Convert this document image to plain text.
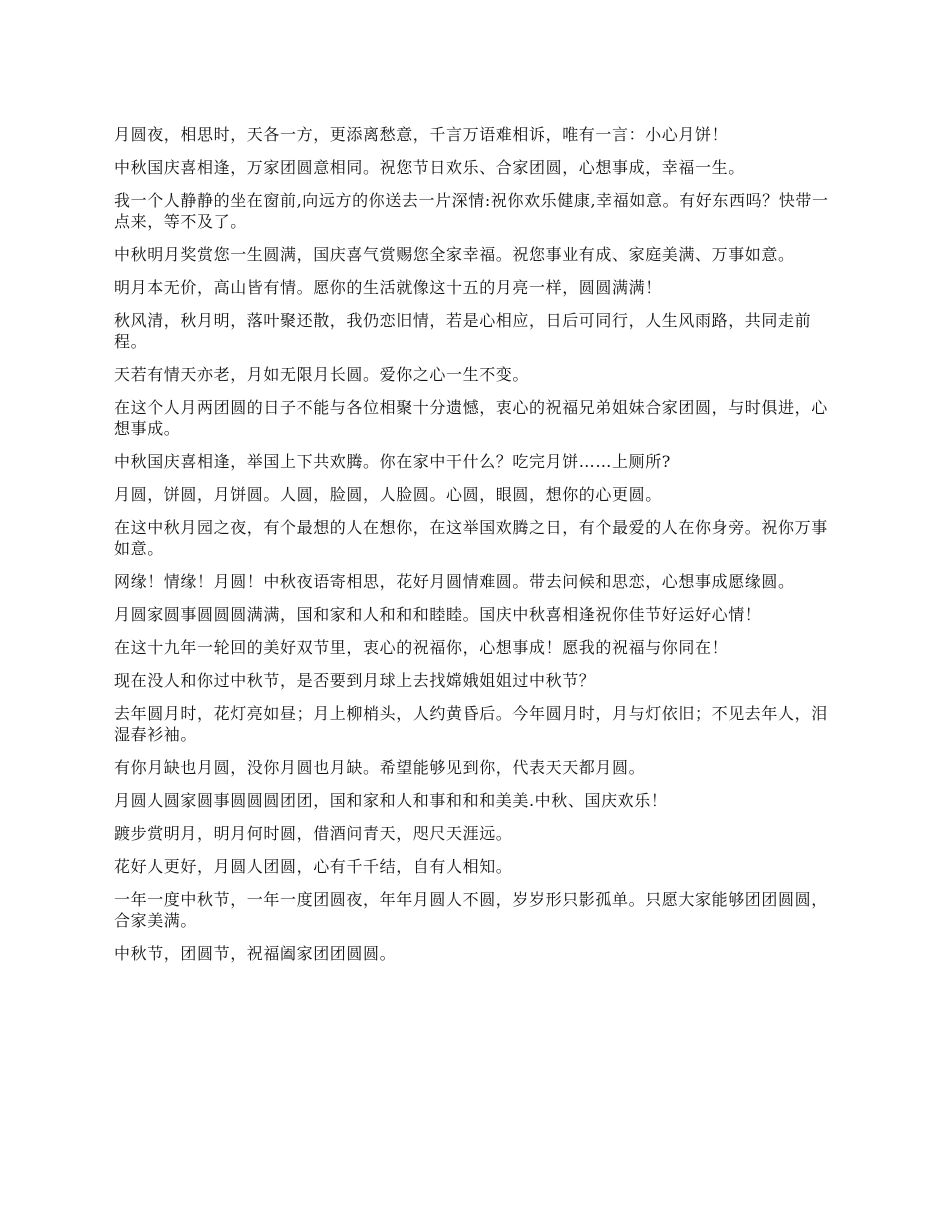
月圆夜，相思时，天各一方，更添离愁意，千言万语难相诉，唯有一言：小心月饼！

中秋国庆喜相逢，万家团圆意相同。祝您节日欢乐、合家团圆，心想事成，幸福一生。

我一个人静静的坐在窗前,向远方的你送去一片深情:祝你欢乐健康,幸福如意。有好东西吗？快带一点来，等不及了。

中秋明月奖赏您一生圆满，国庆喜气赏赐您全家幸福。祝您事业有成、家庭美满、万事如意。

明月本无价，高山皆有情。愿你的生活就像这十五的月亮一样，圆圆满满！

秋风清，秋月明，落叶聚还散，我仍恋旧情，若是心相应，日后可同行，人生风雨路，共同走前程。

天若有情天亦老，月如无限月长圆。爱你之心一生不变。

在这个人月两团圆的日子不能与各位相聚十分遗憾，衷心的祝福兄弟姐妹合家团圆，与时俱进，心想事成。

中秋国庆喜相逢，举国上下共欢腾。你在家中干什么？吃完月饼……上厕所?

月圆，饼圆，月饼圆。人圆，脸圆，人脸圆。心圆，眼圆，想你的心更圆。

在这中秋月园之夜，有个最想的人在想你，在这举国欢腾之日，有个最爱的人在你身旁。祝你万事如意。

网缘！情缘！月圆！中秋夜语寄相思，花好月圆情难圆。带去问候和思恋，心想事成愿缘圆。

月圆家圆事圆圆圆满满，国和家和人和和和睦睦。国庆中秋喜相逢祝你佳节好运好心情！

在这十九年一轮回的美好双节里，衷心的祝福你，心想事成！愿我的祝福与你同在！

现在没人和你过中秋节，是否要到月球上去找嫦娥姐姐过中秋节？

去年圆月时，花灯亮如昼；月上柳梢头，人约黄昏后。今年圆月时，月与灯依旧；不见去年人，泪湿春衫袖。

有你月缺也月圆，没你月圆也月缺。希望能够见到你，代表天天都月圆。

月圆人圆家圆事圆圆圆团团，国和家和人和事和和和美美.中秋、国庆欢乐！

踱步赏明月，明月何时圆，借酒问青天，咫尺天涯远。

花好人更好，月圆人团圆，心有千千结，自有人相知。

一年一度中秋节，一年一度团圆夜，年年月圆人不圆，岁岁形只影孤单。只愿大家能够团团圆圆，合家美满。

中秋节，团圆节，祝福阖家团团圆圆。
